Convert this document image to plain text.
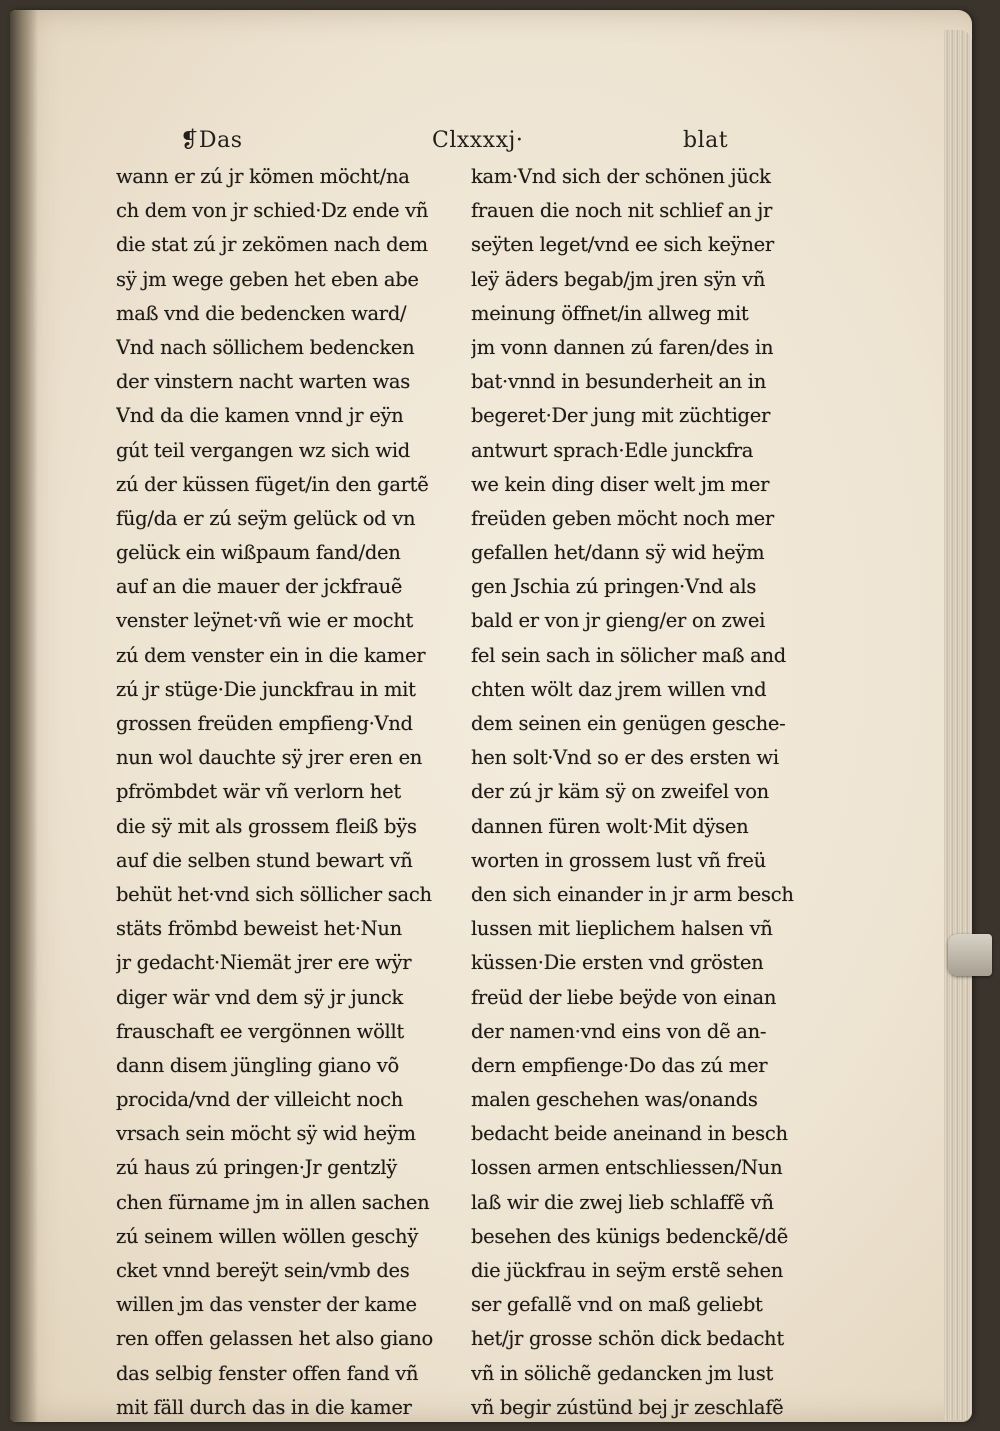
❡Das	Clxxxxj·	blat
wann er zú jr kömen möcht/na
ch dem von jr schied·Dz ende vñ
die stat zú jr zekömen nach dem
sÿ jm wege geben het eben abe
maß vnd die bedencken ward/
Vnd nach söllichem bedencken
der vinstern nacht warten was
Vnd da die kamen vnnd jr eÿn
gút teil vergangen wz sich wid
zú der küssen füget/in den gartẽ
füg/da er zú seÿm gelück od vn
gelück ein wißpaum fand/den
auf an die mauer der jckfrauẽ
venster leÿnet·vñ wie er mocht
zú dem venster ein in die kamer
zú jr stüge·Die junckfrau in mit
grossen freüden empfieng·Vnd
nun wol dauchte sÿ jrer eren en
pfrömbdet wär vñ verlorn het
die sÿ mit als grossem fleiß bÿs
auf die selben stund bewart vñ
behüt het·vnd sich söllicher sach
stäts frömbd beweist het·Nun
jr gedacht·Niemät jrer ere wÿr
diger wär vnd dem sÿ jr junck
frauschaft ee vergönnen wöllt
dann disem jüngling giano võ
procida/vnd der villeicht noch
vrsach sein möcht sÿ wid heÿm
zú haus zú pringen·Jr gentzlÿ
chen fürname jm in allen sachen
zú seinem willen wöllen geschÿ
cket vnnd bereÿt sein/vmb des
willen jm das venster der kame
ren offen gelassen het also giano
das selbig fenster offen fand vñ
mit fäll durch das in die kamer
kam·Vnd sich der schönen jück
frauen die noch nit schlief an jr
seÿten leget/vnd ee sich keÿner
leÿ äders begab/jm jren sÿn vñ
meinung öffnet/in allweg mit
jm vonn dannen zú faren/des in
bat·vnnd in besunderheit an in
begeret·Der jung mit züchtiger
antwurt sprach·Edle junckfra
we kein ding diser welt jm mer
freüden geben möcht noch mer
gefallen het/dann sÿ wid heÿm
gen Jschia zú pringen·Vnd als
bald er von jr gieng/er on zwei
fel sein sach in sölicher maß and
chten wölt daz jrem willen vnd
dem seinen ein genügen gesche-
hen solt·Vnd so er des ersten wi
der zú jr käm sÿ on zweifel von
dannen füren wolt·Mit dÿsen
worten in grossem lust vñ freü
den sich einander in jr arm besch
lussen mit lieplichem halsen vñ
küssen·Die ersten vnd grösten
freüd der liebe beÿde von einan
der namen·vnd eins von dẽ an-
dern empfienge·Do das zú mer
malen geschehen was/onands
bedacht beide aneinand in besch
lossen armen entschliessen/Nun
laß wir die zwej lieb schlaffẽ vñ
besehen des künigs bedenckẽ/dẽ
die jückfrau in seÿm erstẽ sehen
ser gefallẽ vnd on maß geliebt
het/jr grosse schön dick bedacht
vñ in sölichẽ gedancken jm lust
vñ begir zústünd bej jr zeschlafẽ
